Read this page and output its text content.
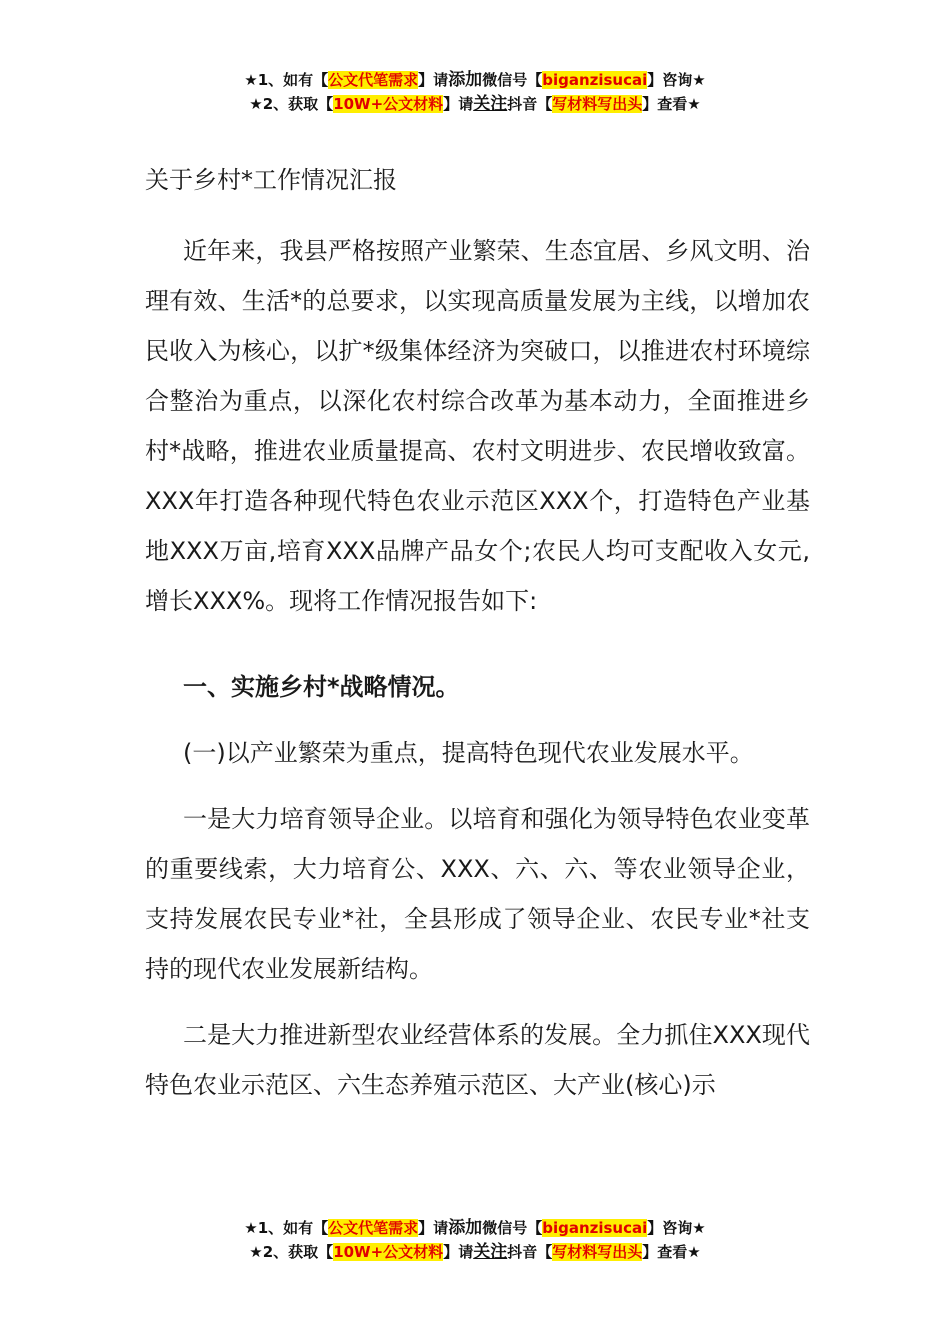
★1、如有【公文代笔需求】请添加微信号【biganzisucai】咨询★
★2、获取【10W+公文材料】请关注抖音【写材料写出头】查看★

关于乡村*工作情况汇报

近年来，我县严格按照产业繁荣、生态宜居、乡风文明、治理有效、生活*的总要求，以实现高质量发展为主线，以增加农民收入为核心，以扩*级集体经济为突破口，以推进农村环境综合整治为重点，以深化农村综合改革为基本动力，全面推进乡村*战略，推进农业质量提高、农村文明进步、农民增收致富。XXX年打造各种现代特色农业示范区XXX个，打造特色产业基地XXX万亩,培育XXX品牌产品女个;农民人均可支配收入女元,增长XXX%。现将工作情况报告如下:

一、实施乡村*战略情况。

(一)以产业繁荣为重点，提高特色现代农业发展水平。

一是大力培育领导企业。以培育和强化为领导特色农业变革的重要线索，大力培育公、XXX、六、六、等农业领导企业，支持发展农民专业*社，全县形成了领导企业、农民专业*社支持的现代农业发展新结构。

二是大力推进新型农业经营体系的发展。全力抓住XXX现代特色农业示范区、六生态养殖示范区、大产业(核心)示

★1、如有【公文代笔需求】请添加微信号【biganzisucai】咨询★
★2、获取【10W+公文材料】请关注抖音【写材料写出头】查看★
